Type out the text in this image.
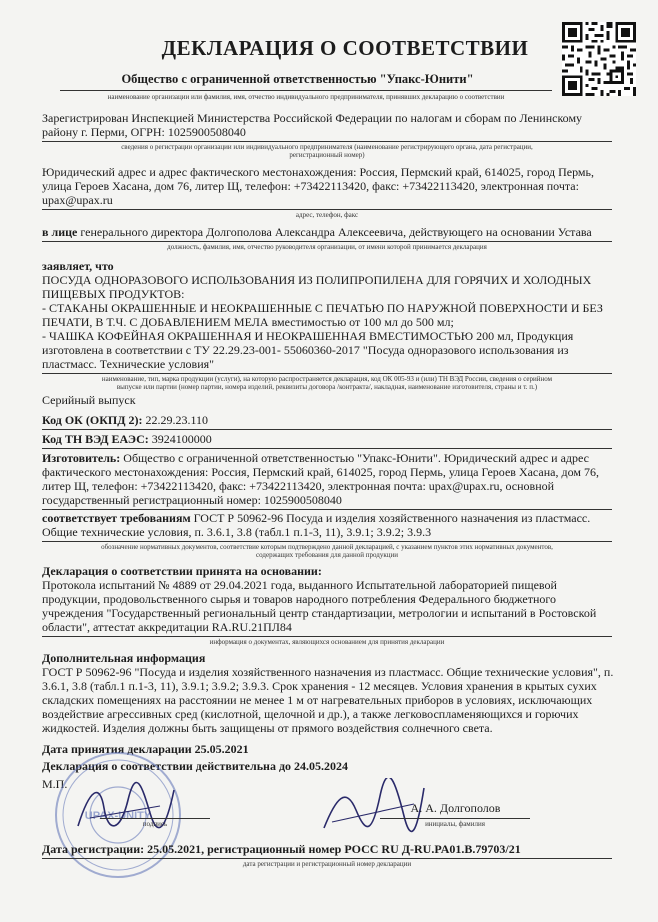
ДЕКЛАРАЦИЯ О СООТВЕТСТВИИ
Общество с ограниченной ответственностью "Упакс-Юнити"
наименование организации или фамилия, имя, отчество индивидуального предпринимателя, принявших декларацию о соответствии
Зарегистрирован Инспекцией Министерства Российской Федерации по налогам и сборам по Ленинскому
району г. Перми, ОГРН: 1025900508040
сведения о регистрации организации или индивидуального предпринимателя (наименование регистрирующего органа, дата регистрации,
регистрационный номер)
Юридический адрес и адрес фактического местонахождения: Россия, Пермский край, 614025, город Пермь,
улица Героев Хасана, дом 76, литер Щ, телефон: +73422113420, факс: +73422113420, электронная почта:
upax@upax.ru
адрес, телефон, факс
в лице генерального директора Долгополова Александра Алексеевича, действующего на основании Устава
должность, фамилия, имя, отчество руководителя организации, от имени которой принимается декларация
заявляет, что
ПОСУДА ОДНОРАЗОВОГО ИСПОЛЬЗОВАНИЯ ИЗ ПОЛИПРОПИЛЕНА ДЛЯ ГОРЯЧИХ И ХОЛОДНЫХ
ПИЩЕВЫХ ПРОДУКТОВ:
- СТАКАНЫ ОКРАШЕННЫЕ И НЕОКРАШЕННЫЕ С ПЕЧАТЬЮ ПО НАРУЖНОЙ ПОВЕРХНОСТИ И БЕЗ
ПЕЧАТИ, В Т.Ч. С ДОБАВЛЕНИЕМ МЕЛА вместимостью от 100 мл до 500 мл;
- ЧАШКА КОФЕЙНАЯ ОКРАШЕННАЯ И НЕОКРАШЕННАЯ ВМЕСТИМОСТЬЮ 200 мл, Продукция
изготовлена в соответствии с ТУ 22.29.23-001- 55060360-2017 "Посуда одноразового использования из
пластмасс. Технические условия"
наименование, тип, марка продукции (услуги), на которую распространяется декларация, код ОК 005-93 и (или) ТН ВЭД России, сведения о серийном
выпуске или партии (номер партии, номера изделий, реквизиты договора /контракта/, накладная, наименование изготовителя, страны и т. п.)
Серийный выпуск
Код ОК (ОКПД 2): 22.29.23.110
Код ТН ВЭД ЕАЭС: 3924100000
Изготовитель: Общество с ограниченной ответственностью "Упакс-Юнити". Юридический адрес и адрес
фактического местонахождения: Россия, Пермский край, 614025, город Пермь, улица Героев Хасана, дом 76,
литер Щ, телефон: +73422113420, факс: +73422113420, электронная почта: upax@upax.ru, основной
государственный регистрационный номер: 1025900508040
соответствует требованиям ГОСТ Р 50962-96 Посуда и изделия хозяйственного назначения из пластмасс.
Общие технические условия, п. 3.6.1, 3.8 (табл.1 п.1-3, 11), 3.9.1; 3.9.2; 3.9.3
обозначение нормативных документов, соответствие которым подтверждено данной декларацией, с указанием пунктов этих нормативных документов,
содержащих требования для данной продукции
Декларация о соответствии принята на основании:
Протокола испытаний № 4889 от 29.04.2021 года, выданного Испытательной лабораторией пищевой
продукции, продовольственного сырья и товаров народного потребления Федерального бюджетного
учреждения "Государственный региональный центр стандартизации, метрологии и испытаний в Ростовской
области", аттестат аккредитации RA.RU.21ПЛ84
информация о документах, являющихся основанием для принятия декларации
Дополнительная информация
ГОСТ Р 50962-96 "Посуда и изделия хозяйственного назначения из пластмасс. Общие технические условия", п.
3.6.1, 3.8 (табл.1 п.1-3, 11), 3.9.1; 3.9.2; 3.9.3. Срок хранения - 12 месяцев. Условия хранения в крытых сухих
складских помещениях на расстоянии не менее 1 м от нагревательных приборов в условиях, исключающих
воздействие агрессивных сред (кислотной, щелочной и др.), а также легковоспламеняющихся и горючих
жидкостей. Изделия должны быть защищены от прямого воздействия солнечного света.
Дата принятия декларации 25.05.2021
Декларация о соответствии действительна до 24.05.2024
М.П.
UPAX-UNITY
подпись
А. А. Долгополов
инициалы, фамилия
Дата регистрации: 25.05.2021, регистрационный номер РОСС RU Д-RU.PA01.B.79703/21
дата регистрации и регистрационный номер декларации
